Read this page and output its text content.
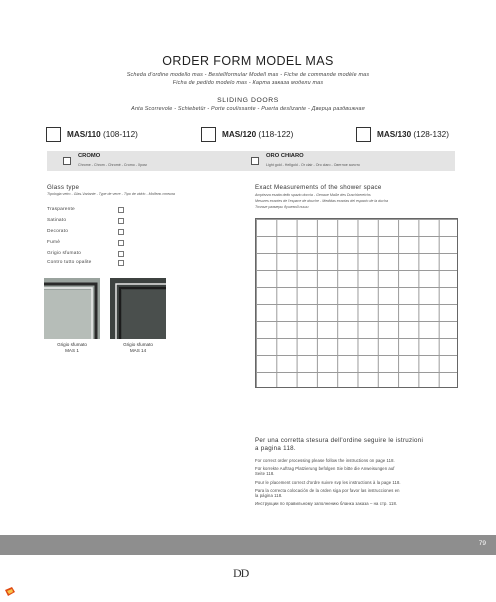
ORDER FORM MODEL MAS
Scheda d'ordine modello mas - Bestellformular Modell mas - Fiche de commande modèle mas
Ficha de pedido modelo mas - Карта заказа модели mas
SLIDING DOORS
Anta Scorrevole - Schiebetür - Porte coulissante - Puerta deslizante - Дверца раздвижная
MAS/110 (108-112)	MAS/120 (118-122)	MAS/130 (128-132)
CROMO
Chrome - Chrom - Chromé - Cromo - Хром
ORO CHIARO
Light gold - Hellgold - Or clair - Oro claro - Светлое золото
Glass type
Tipologia vetro - Glas-Variante - Type de verre - Tipo de vidrio - Модель стекла
Trasparente
Satinato
Decorato
Fumè
Grigio sfumato
Contro tutto opalite
Grigio sfumato
MAS 1
Grigio sfumato
MAS 14
Exact Measurements of the shower space
Ampiezza esatta dello spazio doccia - Genaue Maße des Duschbereichs
Mesures exactes de l'espace de douche - Medidas exactas del espacio de la ducha
Точные размеры душевой ниши
Per una corretta stesura dell'ordine seguire le istruzioni
a pagina 118.
For correct order processing please follow the instructions on page 118.
Für korrekte Auftrag Platzierung befolgen Sie bitte die Anweisungen auf
Seite 118.
Pour le placement correct d'ordre suivre svp les instructions à la page 118.
Para la correcta colocación de la orden siga por favor las instrucciones en
la página 118.
Инструкции по правильному заполнению бланка заказа – на стр. 118.
79
DD
